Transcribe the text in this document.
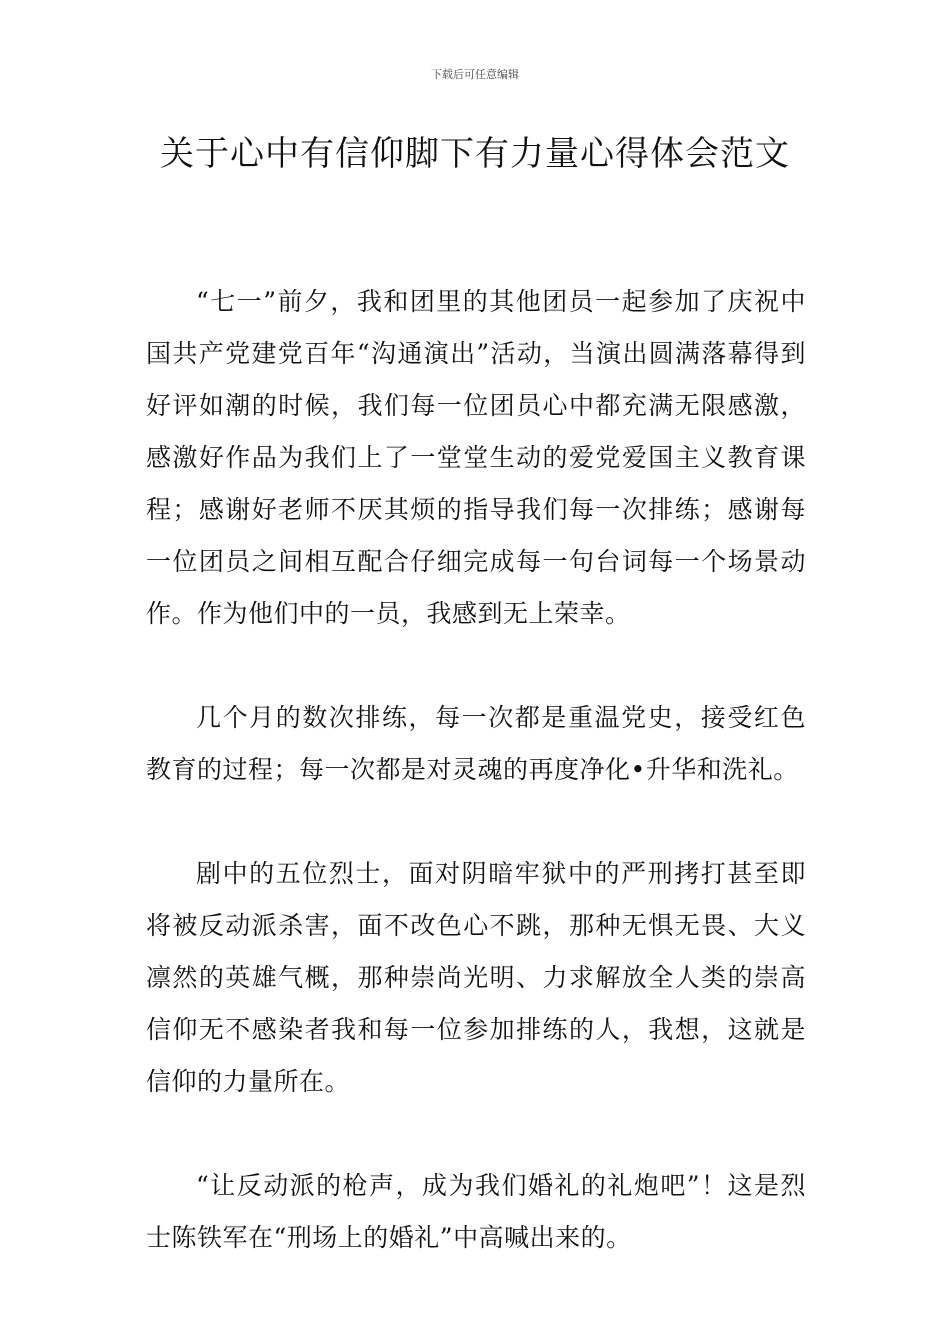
下载后可任意编辑
关于心中有信仰脚下有力量心得体会范文

“七一”前夕，我和团里的其他团员一起参加了庆祝中国共产党建党百年“沟通演出”活动，当演出圆满落幕得到好评如潮的时候，我们每一位团员心中都充满无限感激，感激好作品为我们上了一堂堂生动的爱党爱国主义教育课程；感谢好老师不厌其烦的指导我们每一次排练；感谢每一位团员之间相互配合仔细完成每一句台词每一个场景动作。作为他们中的一员，我感到无上荣幸。

几个月的数次排练，每一次都是重温党史，接受红色教育的过程；每一次都是对灵魂的再度净化•升华和洗礼。

剧中的五位烈士，面对阴暗牢狱中的严刑拷打甚至即将被反动派杀害，面不改色心不跳，那种无惧无畏、大义凛然的英雄气概，那种崇尚光明、力求解放全人类的崇高信仰无不感染者我和每一位参加排练的人，我想，这就是信仰的力量所在。

“让反动派的枪声，成为我们婚礼的礼炮吧”！这是烈士陈铁军在“刑场上的婚礼”中高喊出来的。
